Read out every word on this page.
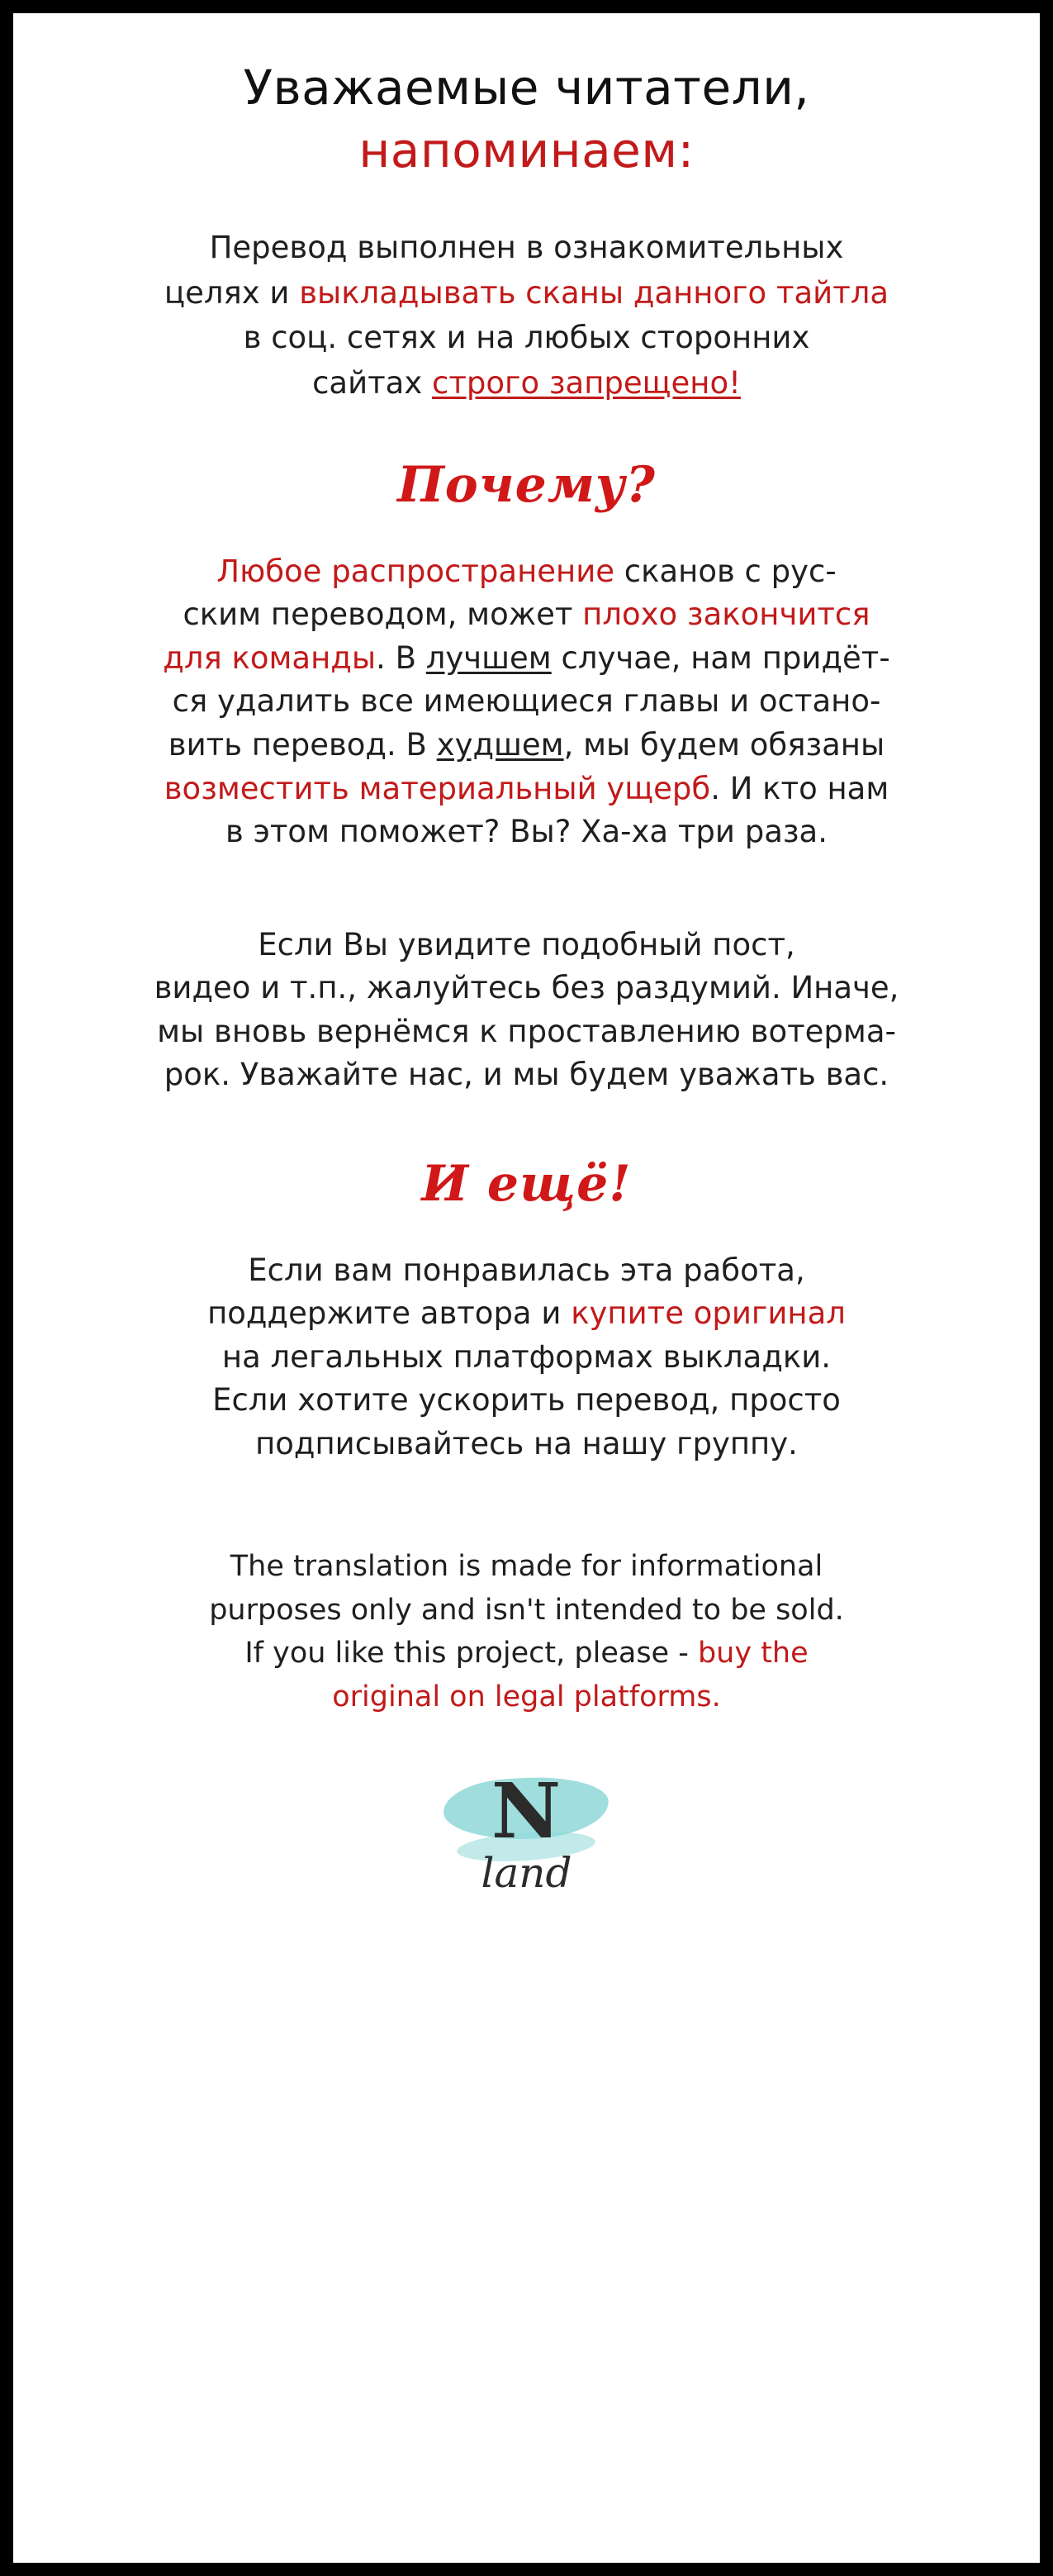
Уважаемые читатели,
напоминаем:
Перевод выполнен в ознакомительных
целях и выкладывать сканы данного тайтла
в соц. сетях и на любых сторонних
сайтах строго запрещено!
Почему?
Любое распространение сканов с рус-
ским переводом, может плохо закончится
для команды. В лучшем случае, нам придёт-
ся удалить все имеющиеся главы и остано-
вить перевод. В худшем, мы будем обязаны
возместить материальный ущерб. И кто нам
в этом поможет? Вы? Ха-ха три раза.
Если Вы увидите подобный пост,
видео и т.п., жалуйтесь без раздумий. Иначе,
мы вновь вернёмся к проставлению вотерма-
рок. Уважайте нас, и мы будем уважать вас.
И ещё!
Если вам понравилась эта работа,
поддержите автора и купите оригинал
на легальных платформах выкладки.
Если хотите ускорить перевод, просто
подписывайтесь на нашу группу.
The translation is made for informational
purposes only and isn't intended to be sold.
If you like this project, please - buy the
original on legal platforms.
N
land
